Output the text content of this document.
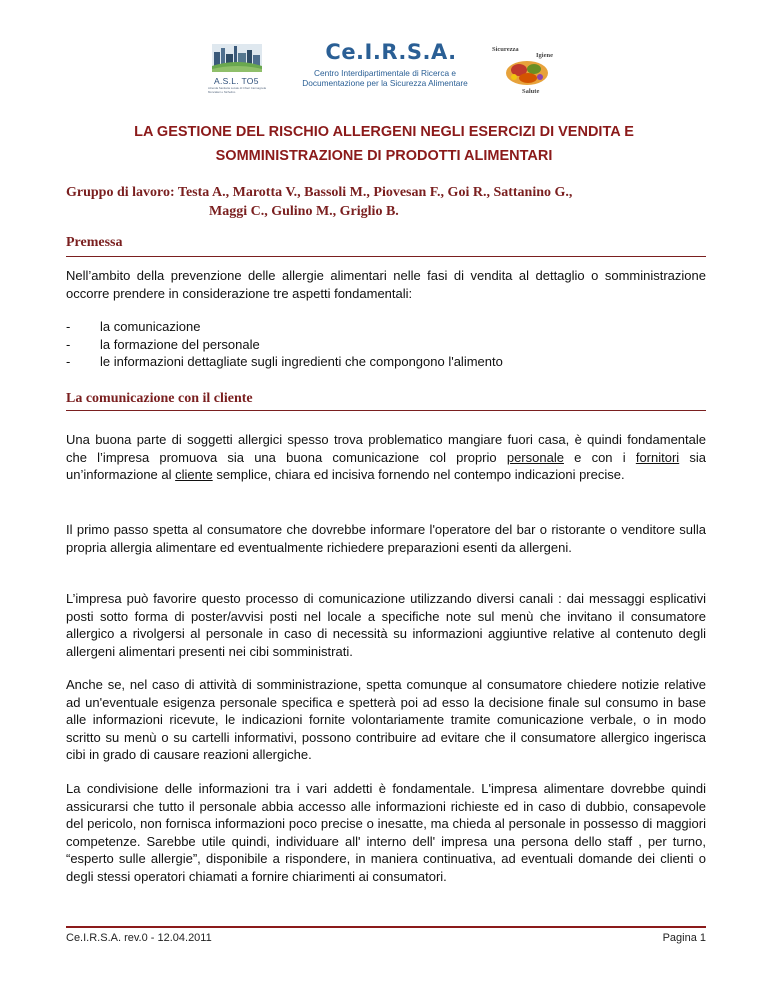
A.S.L. TO5
Azienda Sanitaria Locale di Chieri Carmagnola Moncalieri e Nichelino
Ce.I.R.S.A.
Centro Interdipartimentale di Ricerca e
Documentazione per la Sicurezza Alimentare
Sicurezza
Igiene
Salute
LA GESTIONE DEL RISCHIO ALLERGENI NEGLI ESERCIZI DI VENDITA E
SOMMINISTRAZIONE DI PRODOTTI ALIMENTARI
Gruppo di lavoro: Testa A., Marotta V., Bassoli M., Piovesan F., Goi R., Sattanino G.,
Maggi C., Gulino M., Griglio B.
Premessa
Nell’ambito della prevenzione delle allergie alimentari nelle fasi di vendita al dettaglio o somministrazione occorre prendere in considerazione tre aspetti fondamentali:
- la comunicazione
- la formazione del personale
- le informazioni dettagliate sugli ingredienti che compongono l'alimento
La comunicazione con il cliente
Una buona parte di soggetti allergici spesso trova problematico mangiare fuori casa, è quindi fondamentale che l’impresa promuova sia una buona comunicazione col proprio personale e con i fornitori sia un’informazione al cliente semplice, chiara ed incisiva fornendo nel contempo indicazioni precise.
Il primo passo spetta al consumatore che dovrebbe informare l'operatore del bar o ristorante o venditore sulla propria allergia alimentare ed eventualmente richiedere preparazioni esenti da allergeni.
L’impresa può favorire questo processo di comunicazione utilizzando diversi canali : dai messaggi esplicativi posti sotto forma di poster/avvisi posti nel locale a specifiche note sul menù che invitano il consumatore allergico a rivolgersi al personale in caso di necessità su informazioni aggiuntive relative al contenuto degli allergeni alimentari presenti nei cibi somministrati.
Anche se, nel caso di attività di somministrazione, spetta comunque al consumatore chiedere notizie relative ad un'eventuale esigenza personale specifica e spetterà poi ad esso la decisione finale sul consumo in base alle informazioni ricevute, le indicazioni fornite volontariamente tramite comunicazione verbale, o in modo scritto su menù o su cartelli informativi, possono contribuire ad evitare che il consumatore allergico ingerisca cibi in grado di causare reazioni allergiche.
La condivisione delle informazioni tra i vari addetti è fondamentale. L'impresa alimentare dovrebbe quindi assicurarsi che tutto il personale abbia accesso alle informazioni richieste ed in caso di dubbio, consapevole del pericolo, non fornisca informazioni poco precise o inesatte, ma chieda al personale in possesso di maggiori competenze. Sarebbe utile quindi, individuare all' interno dell' impresa una persona dello staff , per turno, “esperto sulle allergie”, disponibile a rispondere, in maniera continuativa, ad eventuali domande dei clienti o degli stessi operatori chiamati a fornire chiarimenti ai consumatori.
Ce.I.R.S.A. rev.0 - 12.04.2011	Pagina 1
